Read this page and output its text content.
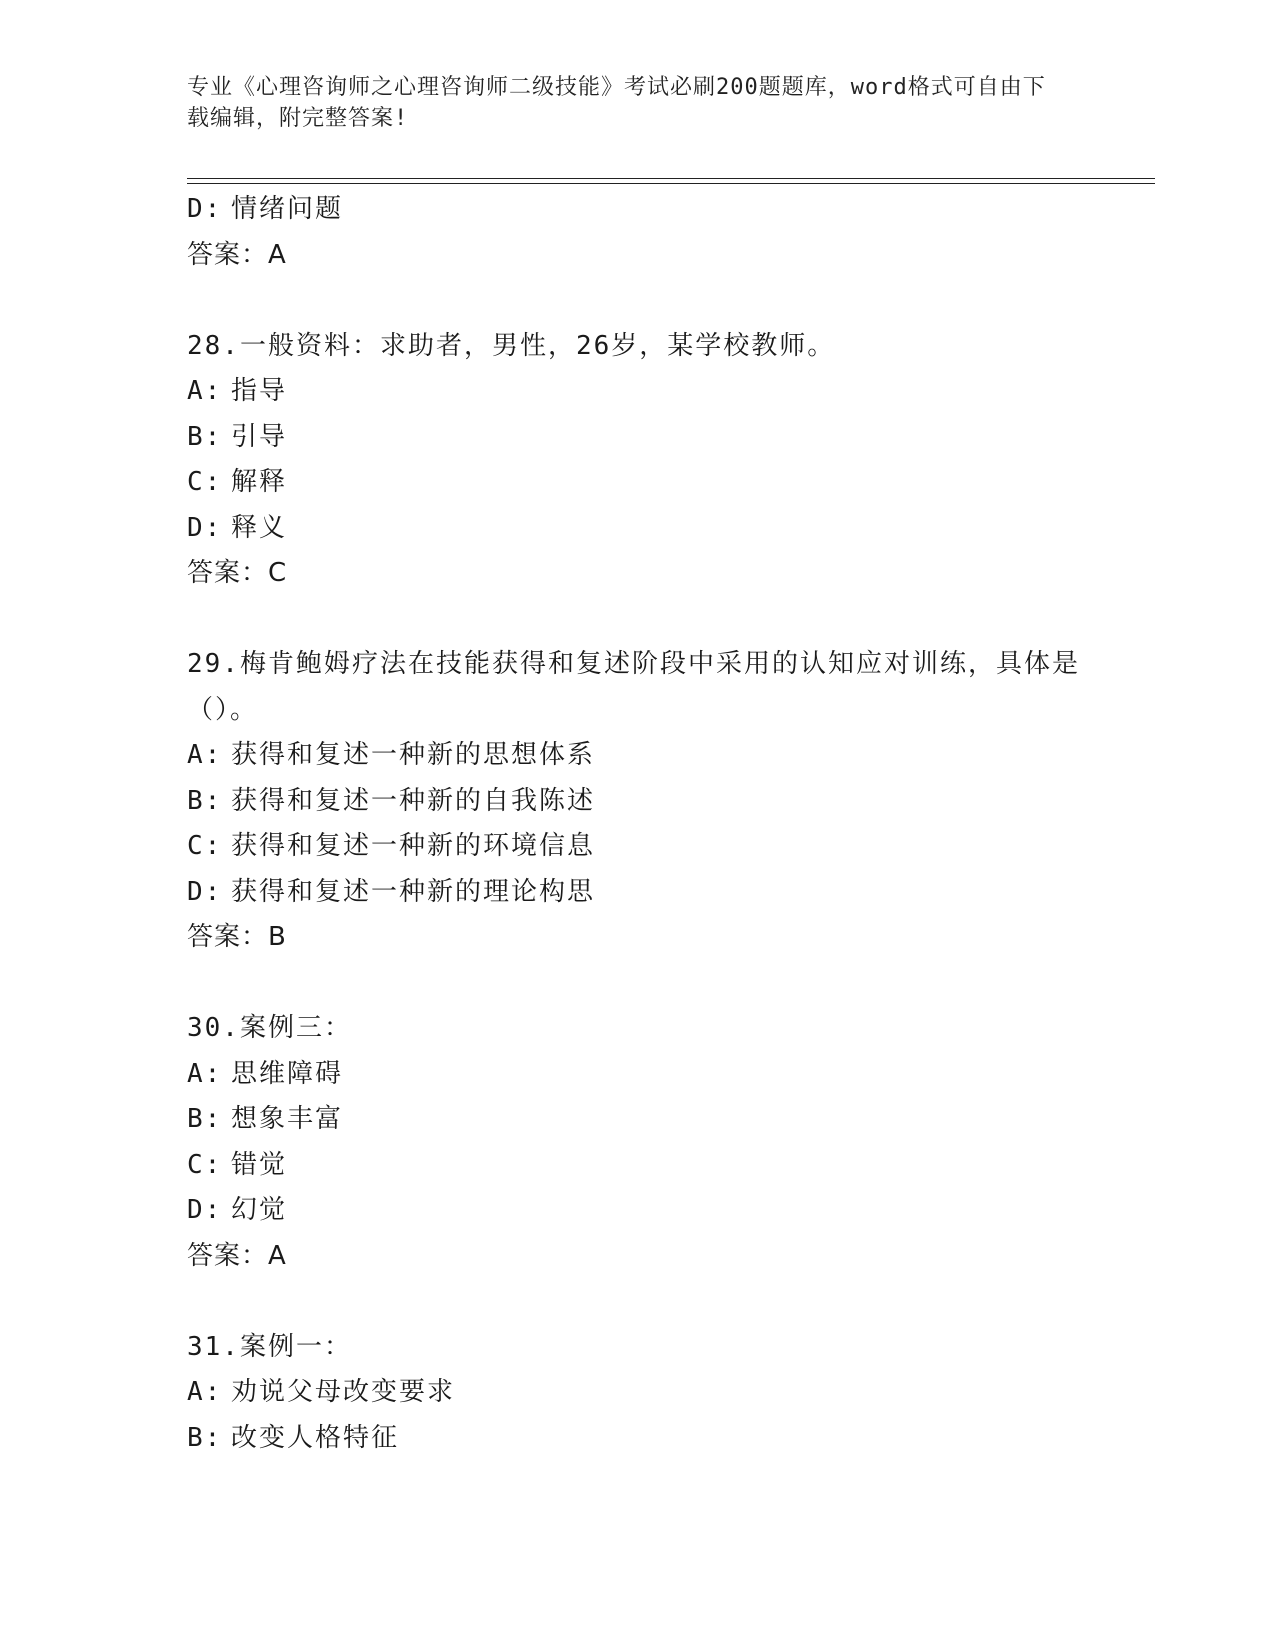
专业《心理咨询师之心理咨询师二级技能》考试必刷200题题库，word格式可自由下载编辑，附完整答案!
D: 情绪问题
答案：A
28.一般资料：求助者，男性，26岁，某学校教师。
A: 指导
B: 引导
C: 解释
D: 释义
答案：C
29.梅肯鲍姆疗法在技能获得和复述阶段中采用的认知应对训练，具体是（）。
A: 获得和复述一种新的思想体系
B: 获得和复述一种新的自我陈述
C: 获得和复述一种新的环境信息
D: 获得和复述一种新的理论构思
答案：B
30.案例三：
A: 思维障碍
B: 想象丰富
C: 错觉
D: 幻觉
答案：A
31.案例一：
A: 劝说父母改变要求
B: 改变人格特征
